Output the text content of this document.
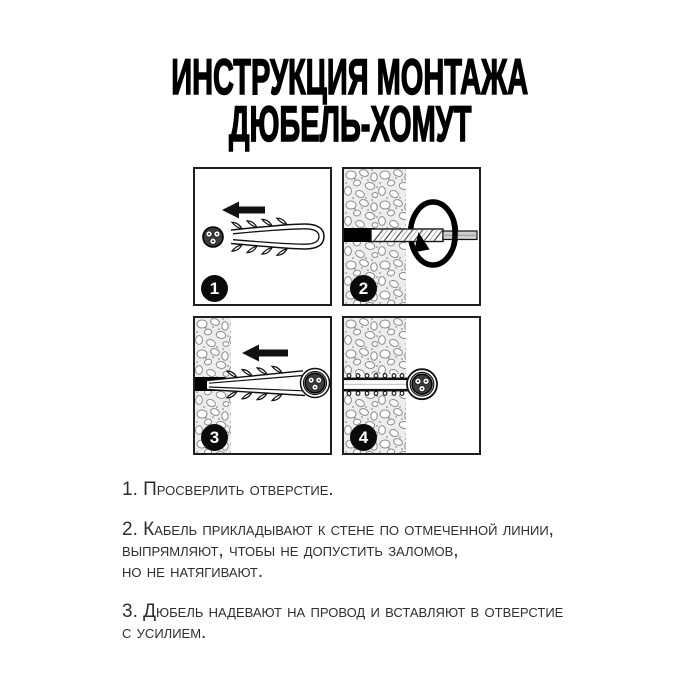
ИНСТРУКЦИЯ МОНТАЖА
ДЮБЕЛЬ-ХОМУТ
1	2
3	4
1. Просверлить отверстие.
2. Кабель прикладывают к стене по отмеченной линии,
выпрямляют, чтобы не допустить заломов,
но не натягивают.
3. Дюбель надевают на провод и вставляют в отверстие
с усилием.
